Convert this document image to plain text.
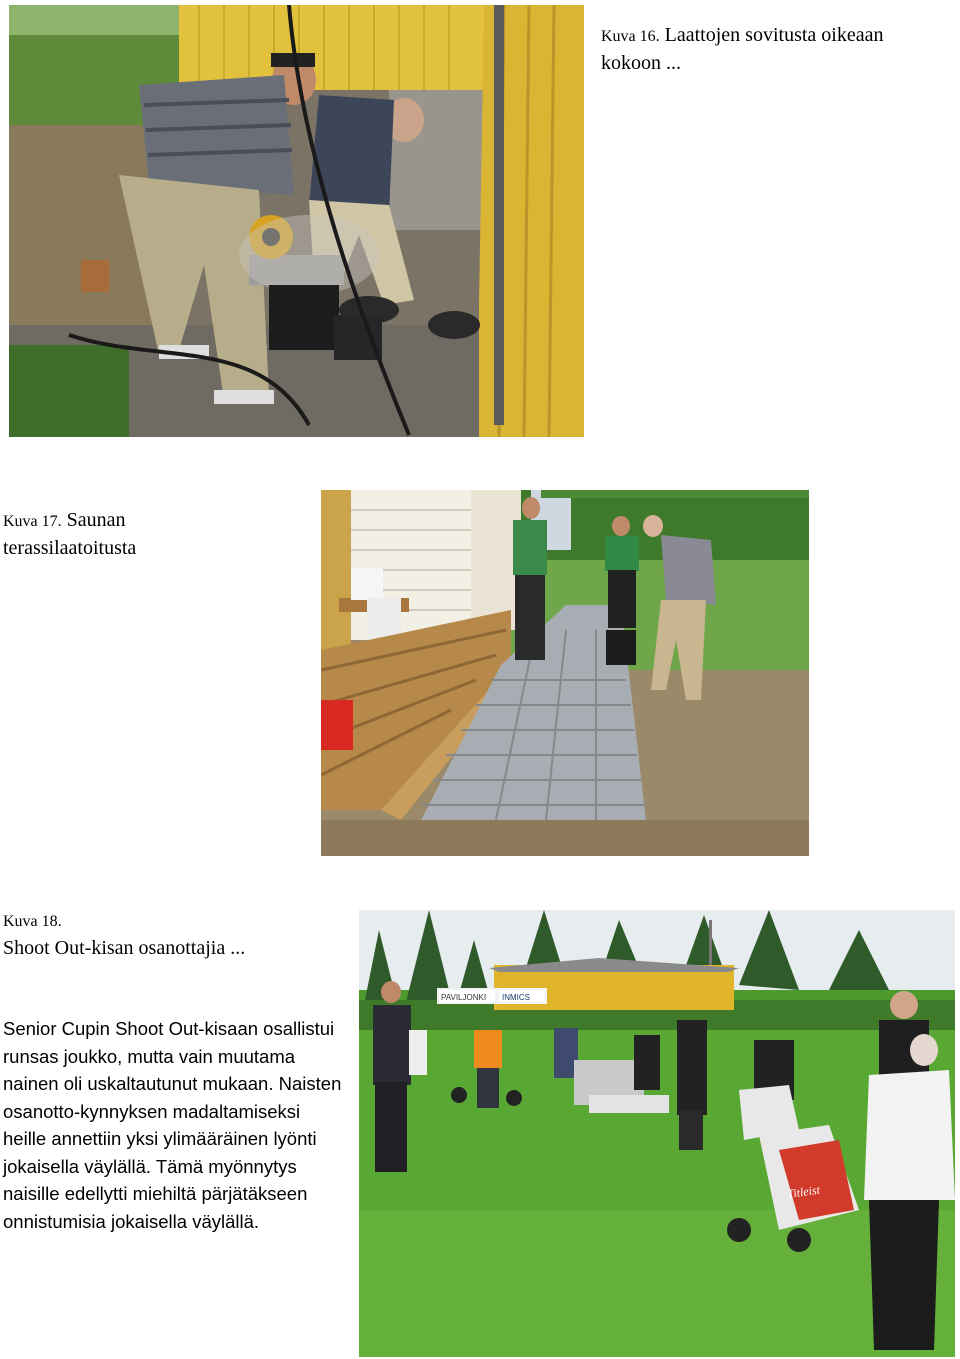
Kuva 16. Laattojen sovitusta oikeaan kokoon ...
Kuva 17. Saunan terassilaatoitusta
Kuva 18.
Shoot Out-kisan osanottajia ...

Senior Cupin Shoot Out-kisaan osallistui runsas joukko, mutta vain muutama nainen oli uskaltautunut mukaan. Naisten osanotto-kynnyksen madaltamiseksi heille annettiin yksi ylimääräinen lyönti jokaisella väylällä. Tämä myönnytys naisille edellytti miehiltä pärjätäkseen onnistumisia jokaisella väylällä.

PAVILJONKI INMICS
Titleist
